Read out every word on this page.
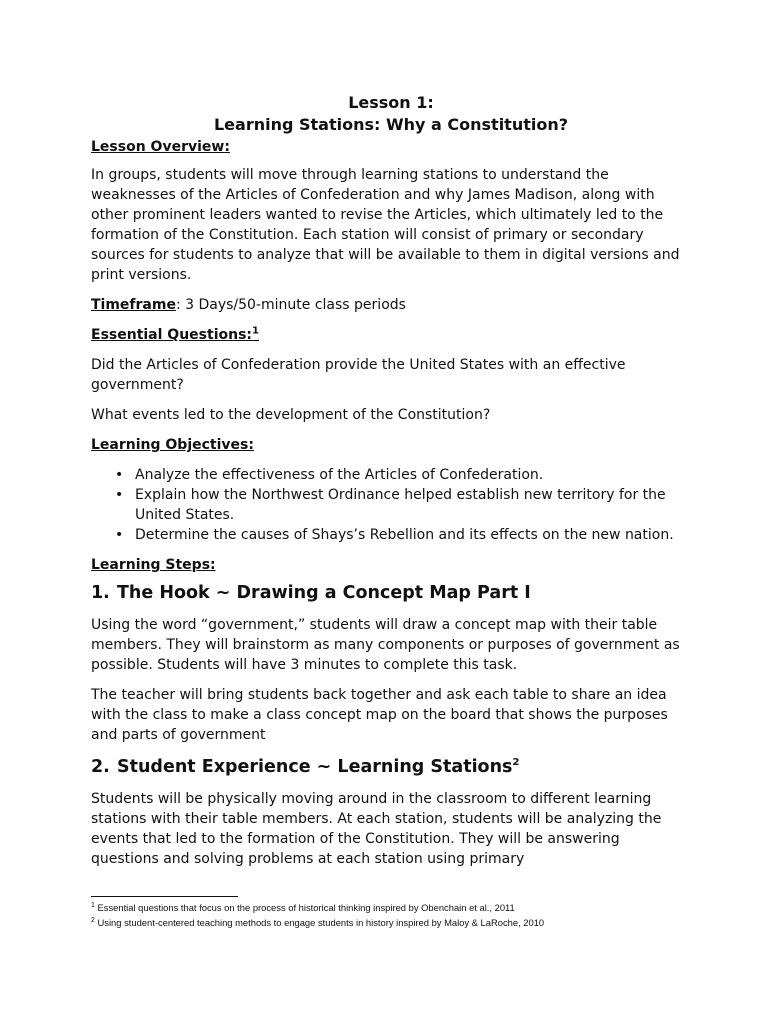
Lesson 1:

Learning Stations: Why a Constitution?

Lesson Overview:

In groups, students will move through learning stations to understand the weaknesses of the Articles of Confederation and why James Madison, along with other prominent leaders wanted to revise the Articles, which ultimately led to the formation of the Constitution. Each station will consist of primary or secondary sources for students to analyze that will be available to them in digital versions and print versions.

Timeframe: 3 Days/50-minute class periods

Essential Questions:$^1$

Did the Articles of Confederation provide the United States with an effective government?

What events led to the development of the Constitution?

Learning Objectives:

• Analyze the effectiveness of the Articles of Confederation.
• Explain how the Northwest Ordinance helped establish new territory for the United States.
• Determine the causes of Shays’s Rebellion and its effects on the new nation.

Learning Steps:

1. The Hook ~ Drawing a Concept Map Part I

Using the word “government,” students will draw a concept map with their table members. They will brainstorm as many components or purposes of government as possible. Students will have 3 minutes to complete this task.

The teacher will bring students back together and ask each table to share an idea with the class to make a class concept map on the board that shows the purposes and parts of government

2. Student Experience ~ Learning Stations$^2$

Students will be physically moving around in the classroom to different learning stations with their table members. At each station, students will be analyzing the events that led to the formation of the Constitution. They will be answering questions and solving problems at each station using primary

$^1$ Essential questions that focus on the process of historical thinking inspired by Obenchain et al., 2011
$^2$ Using student-centered teaching methods to engage students in history inspired by Maloy & LaRoche, 2010
